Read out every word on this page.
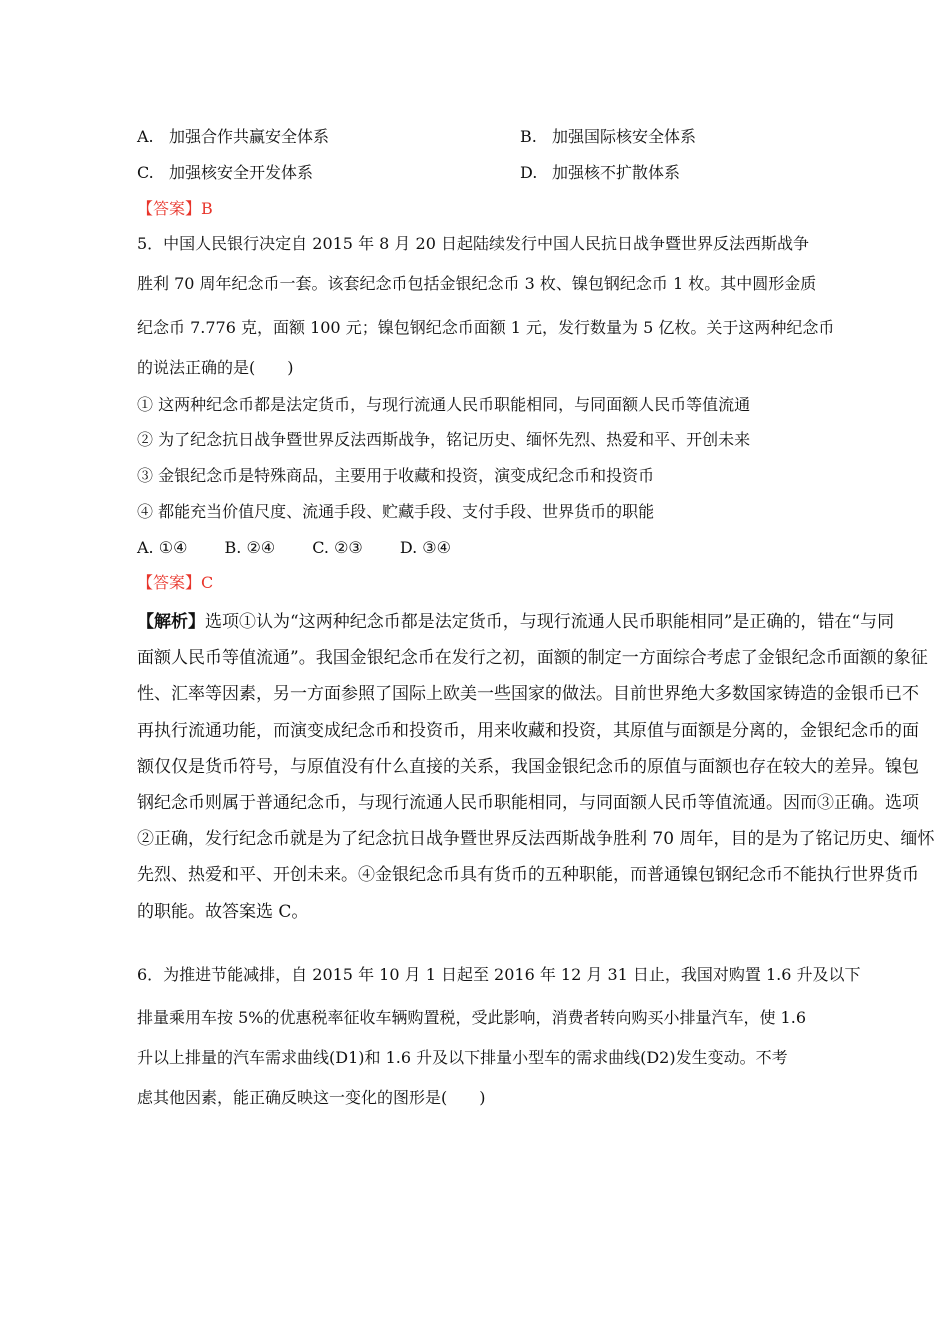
A. 加强合作共赢安全体系	B. 加强国际核安全体系
C. 加强核安全开发体系	D. 加强核不扩散体系
【答案】B
5．中国人民银行决定自 2015 年 8 月 20 日起陆续发行中国人民抗日战争暨世界反法西斯战争
胜利 70 周年纪念币一套。该套纪念币包括金银纪念币 3 枚、镍包钢纪念币 1 枚。其中圆形金质
纪念币 7.776 克，面额 100 元；镍包钢纪念币面额 1 元，发行数量为 5 亿枚。关于这两种纪念币
的说法正确的是(　　)
① 这两种纪念币都是法定货币，与现行流通人民币职能相同，与同面额人民币等值流通
② 为了纪念抗日战争暨世界反法西斯战争，铭记历史、缅怀先烈、热爱和平、开创未来
③ 金银纪念币是特殊商品，主要用于收藏和投资，演变成纪念币和投资币
④ 都能充当价值尺度、流通手段、贮藏手段、支付手段、世界货币的职能
A. ①④ B. ②④ C. ②③ D. ③④
【答案】C
【解析】选项①认为“这两种纪念币都是法定货币，与现行流通人民币职能相同”是正确的，错在“与同
面额人民币等值流通”。我国金银纪念币在发行之初，面额的制定一方面综合考虑了金银纪念币面额的象征
性、汇率等因素，另一方面参照了国际上欧美一些国家的做法。目前世界绝大多数国家铸造的金银币已不
再执行流通功能，而演变成纪念币和投资币，用来收藏和投资，其原值与面额是分离的，金银纪念币的面
额仅仅是货币符号，与原值没有什么直接的关系，我国金银纪念币的原值与面额也存在较大的差异。镍包
钢纪念币则属于普通纪念币，与现行流通人民币职能相同，与同面额人民币等值流通。因而③正确。选项
②正确，发行纪念币就是为了纪念抗日战争暨世界反法西斯战争胜利 70 周年，目的是为了铭记历史、缅怀
先烈、热爱和平、开创未来。④金银纪念币具有货币的五种职能，而普通镍包钢纪念币不能执行世界货币
的职能。故答案选 C。
6．为推进节能减排，自 2015 年 10 月 1 日起至 2016 年 12 月 31 日止，我国对购置 1.6 升及以下
排量乘用车按 5%的优惠税率征收车辆购置税，受此影响，消费者转向购买小排量汽车，使 1.6
升以上排量的汽车需求曲线(D1)和 1.6 升及以下排量小型车的需求曲线(D2)发生变动。不考
虑其他因素，能正确反映这一变化的图形是(　　)
